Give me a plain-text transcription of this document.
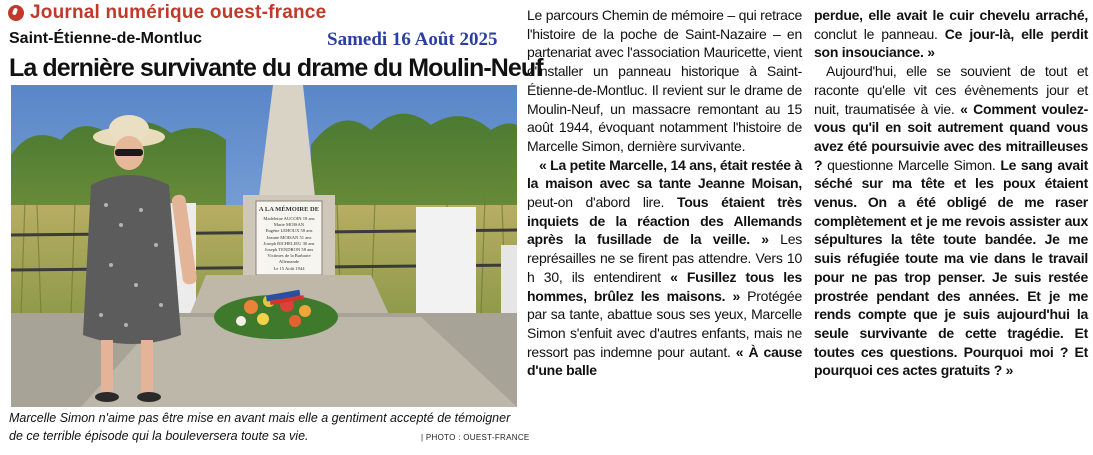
Journal numérique ouest-france
Saint-Étienne-de-Montluc	Samedi 16 Août 2025
La dernière survivante du drame du Moulin-Neuf
A LA MÉMOIRE DE
Madeleine AUCOIN 18 ans
Marie MOISAN
Eugène LEHOUX 58 ans
Jeanne MOISAN 51 ans
Joseph RICHELIEU 30 ans
Joseph TENDRON 58 ans
Victimes de la Barbarie
Allemande
Le 15 Août 1944
Marcelle Simon n'aime pas être mise en avant mais elle a gentiment accepté de témoigner de ce terrible épisode qui la bouleversera toute sa vie.	| PHOTO : OUEST-FRANCE

Le parcours Chemin de mémoire – qui retrace l'histoire de la poche de Saint-Nazaire – en partenariat avec l'association Mauricette, vient d'installer un panneau historique à Saint-Étienne-de-Montluc. Il revient sur le drame de Moulin-Neuf, un massacre remontant au 15 août 1944, évoquant notamment l'histoire de Marcelle Simon, dernière survivante.

« La petite Marcelle, 14 ans, était restée à la maison avec sa tante Jeanne Moisan, peut-on d'abord lire. Tous étaient très inquiets de la réaction des Allemands après la fusillade de la veille. » Les représailles ne se firent pas attendre. Vers 10 h 30, ils entendirent « Fusillez tous les hommes, brûlez les maisons. » Protégée par sa tante, abattue sous ses yeux, Marcelle Simon s'enfuit avec d'autres enfants, mais ne ressort pas indemne pour autant. « À cause d'une balle

perdue, elle avait le cuir chevelu arraché, conclut le panneau. Ce jour-là, elle perdit son insouciance. »

Aujourd'hui, elle se souvient de tout et raconte qu'elle vit ces évènements jour et nuit, traumatisée à vie. « Comment voulez-vous qu'il en soit autrement quand vous avez été poursuivie avec des mitrailleuses ? questionne Marcelle Simon. Le sang avait séché sur ma tête et les poux étaient venus. On a été obligé de me raser complètement et je me revois assister aux sépultures la tête toute bandée. Je me suis réfugiée toute ma vie dans le travail pour ne pas trop penser. Je suis restée prostrée pendant des années. Et je me rends compte que je suis aujourd'hui la seule survivante de cette tragédie. Et toutes ces questions. Pourquoi moi ? Et pourquoi ces actes gratuits ? »
